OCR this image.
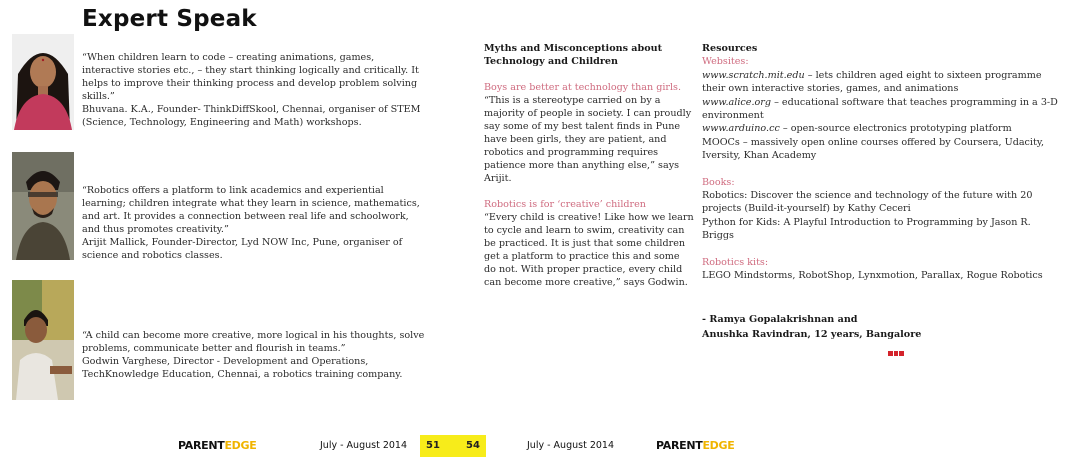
Expert Speak

“When children learn to code – creating animations, games, interactive stories etc., – they start thinking logically and critically. It helps to improve their thinking process and develop problem solving skills.”

Bhuvana. K.A., Founder- ThinkDiffSkool, Chennai, organiser of STEM (Science, Technology, Engineering and Math) workshops.

“Robotics offers a platform to link academics and experiential learning; children integrate what they learn in science, mathematics, and art. It provides a connection between real life and schoolwork, and thus promotes creativity.”

Arijit Mallick, Founder-Director, Lyd NOW Inc, Pune, organiser of science and robotics classes.

“A child can become more creative, more logical in his thoughts, solve problems, communicate better and flourish in teams.”

Godwin Varghese, Director - Development and Operations, TechKnowledge Education, Chennai, a robotics training company.

Myths and Misconceptions about Technology and Children
Boys are better at technology than girls.
“This is a stereotype carried on by a majority of people in society. I can proudly say some of my best talent finds in Pune have been girls, they are patient, and robotics and programming requires patience more than anything else,” says Arijit.
Robotics is for ‘creative’ children
“Every child is creative! Like how we learn to cycle and learn to swim, creativity can be practiced. It is just that some children get a platform to practice this and some do not. With proper practice, every child can become more creative,” says Godwin.
Resources
Websites:
www.scratch.mit.edu – lets children aged eight to sixteen programme their own interactive stories, games, and animations
www.alice.org – educational software that teaches programming in a 3-D environment
www.arduino.cc – open-source electronics prototyping platform
MOOCs – massively open online courses offered by Coursera, Udacity, Iversity, Khan Academy
Books:
Robotics: Discover the science and technology of the future with 20 projects (Build-it-yourself) by Kathy Ceceri
Python for Kids: A Playful Introduction to Programming by Jason R. Briggs
Robotics kits:
LEGO Mindstorms, RobotShop, Lynxmotion, Parallax, Rogue Robotics
- Ramya Gopalakrishnan and
Anushka Ravindran, 12 years, Bangalore
PARENTEDGE	July - August 2014 51	54	July - August 2014	PARENTEDGE
